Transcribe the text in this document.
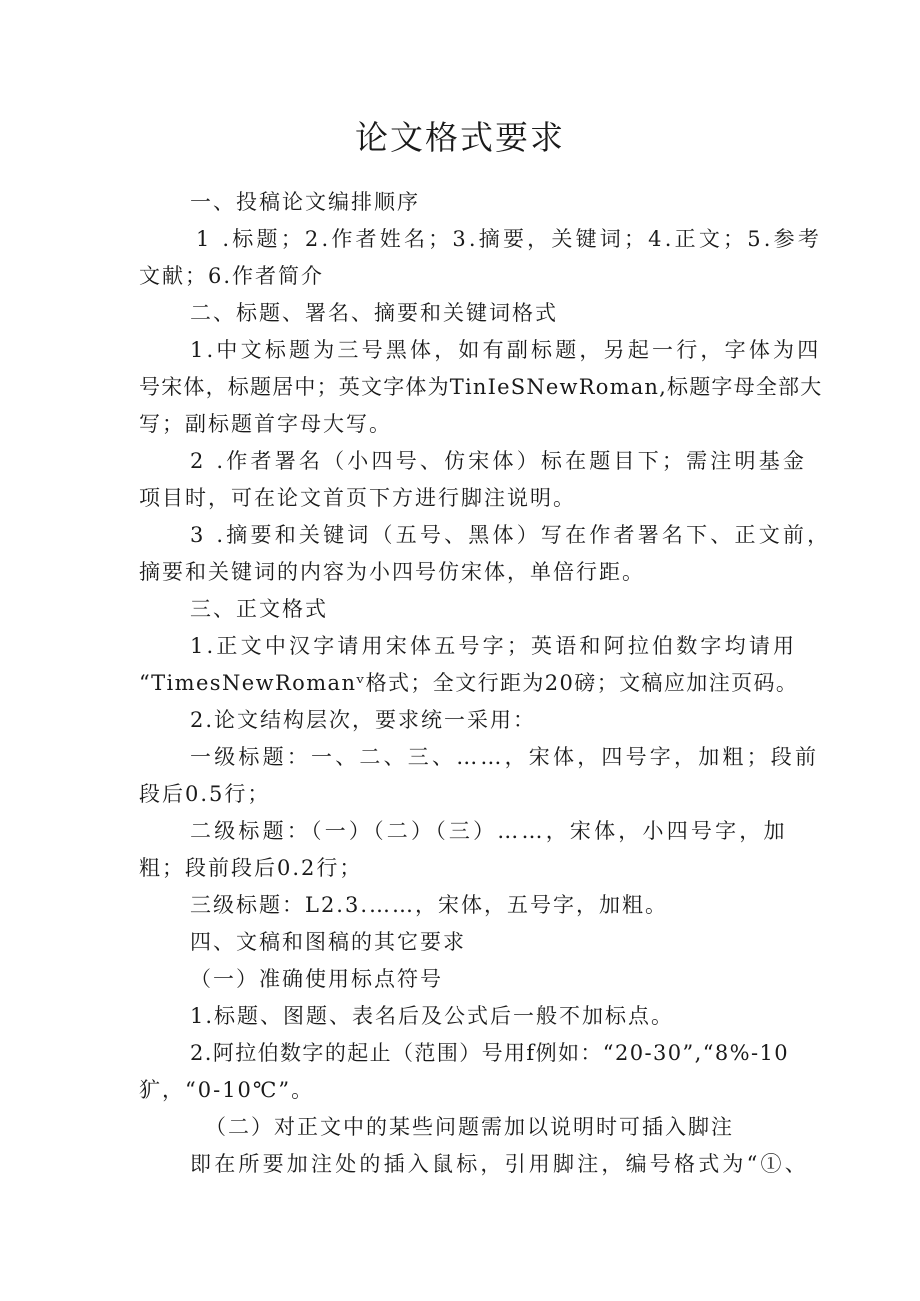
论文格式要求
一、投稿论文编排顺序
1 .标题；2.作者姓名；3.摘要，关键词；4.正文；5.参考
文献；6.作者简介
二、标题、署名、摘要和关键词格式
1.中文标题为三号黑体，如有副标题，另起一行，字体为四
号宋体，标题居中；英文字体为TinIeSNewRoman,标题字母全部大
写；副标题首字母大写。
2 .作者署名（小四号、仿宋体）标在题目下；需注明基金
项目时，可在论文首页下方进行脚注说明。
3 .摘要和关键词（五号、黑体）写在作者署名下、正文前，
摘要和关键词的内容为小四号仿宋体，单倍行距。
三、正文格式
1.正文中汉字请用宋体五号字；英语和阿拉伯数字均请用
“TimesNewRomanᵛ格式；全文行距为20磅；文稿应加注页码。
2.论文结构层次，要求统一采用：
一级标题：一、二、三、……，宋体，四号字，加粗；段前
段后0.5行；
二级标题：（一）（二）（三）……，宋体，小四号字，加
粗；段前段后0.2行；
三级标题：L2.3.……，宋体，五号字，加粗。
四、文稿和图稿的其它要求
（一）准确使用标点符号
1.标题、图题、表名后及公式后一般不加标点。
2.阿拉伯数字的起止（范围）号用f例如：“20-30”,“8%-10
犷，“0-10℃”。
（二）对正文中的某些问题需加以说明时可插入脚注
即在所要加注处的插入鼠标，引用脚注，编号格式为“①、
